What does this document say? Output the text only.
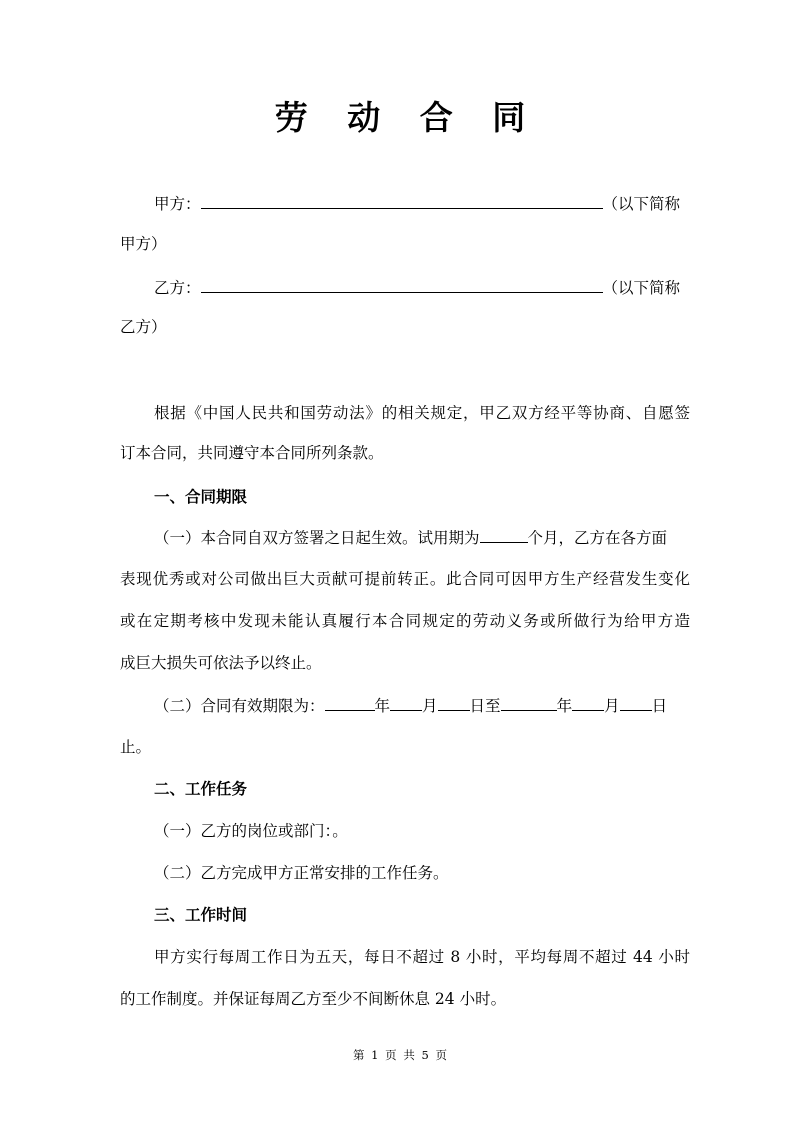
劳 动 合 同
甲方：	（以下简称
甲方）
乙方：	（以下简称
乙方）
根据《中国人民共和国劳动法》的相关规定，甲乙双方经平等协商、自愿签
订本合同，共同遵守本合同所列条款。
一、合同期限
（一）本合同自双方签署之日起生效。试用期为	个月，乙方在各方面
表现优秀或对公司做出巨大贡献可提前转正。此合同可因甲方生产经营发生变化
或在定期考核中发现未能认真履行本合同规定的劳动义务或所做行为给甲方造
成巨大损失可依法予以终止。
（二）合同有效期限为：	年 月 日至	年 月 日
止。
二、工作任务
（一）乙方的岗位或部门：。
（二）乙方完成甲方正常安排的工作任务。
三、工作时间
甲方实行每周工作日为五天，每日不超过 8 小时，平均每周不超过 44 小时
的工作制度。并保证每周乙方至少不间断休息 24 小时。
第 1 页 共 5 页
